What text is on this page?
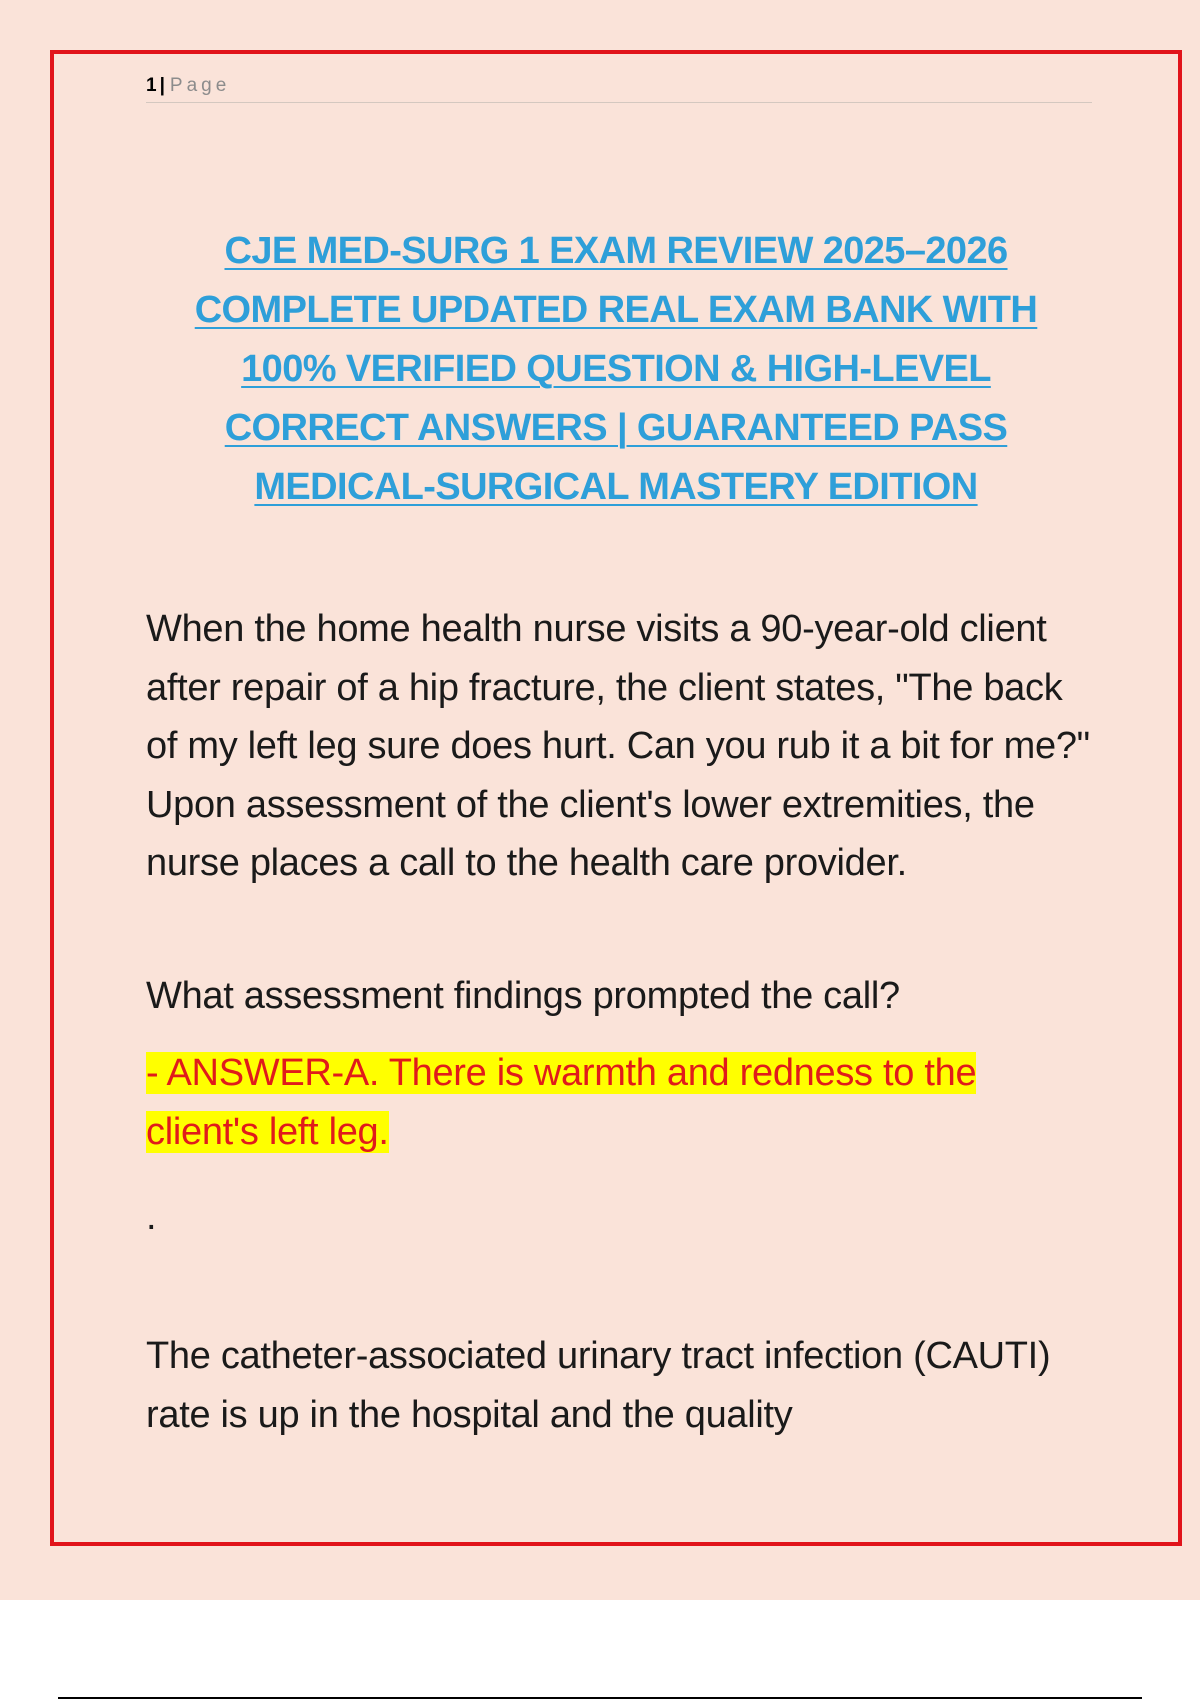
1 | Page
CJE MED-SURG 1 EXAM REVIEW 2025–2026 COMPLETE UPDATED REAL EXAM BANK WITH 100% VERIFIED QUESTION & HIGH-LEVEL CORRECT ANSWERS | GUARANTEED PASS MEDICAL-SURGICAL MASTERY EDITION
When the home health nurse visits a 90-year-old client after repair of a hip fracture, the client states, "The back of my left leg sure does hurt. Can you rub it a bit for me?" Upon assessment of the client's lower extremities, the nurse places a call to the health care provider.
What assessment findings prompted the call?
- ANSWER-A. There is warmth and redness to the client's left leg.
.
The catheter-associated urinary tract infection (CAUTI) rate is up in the hospital and the quality
